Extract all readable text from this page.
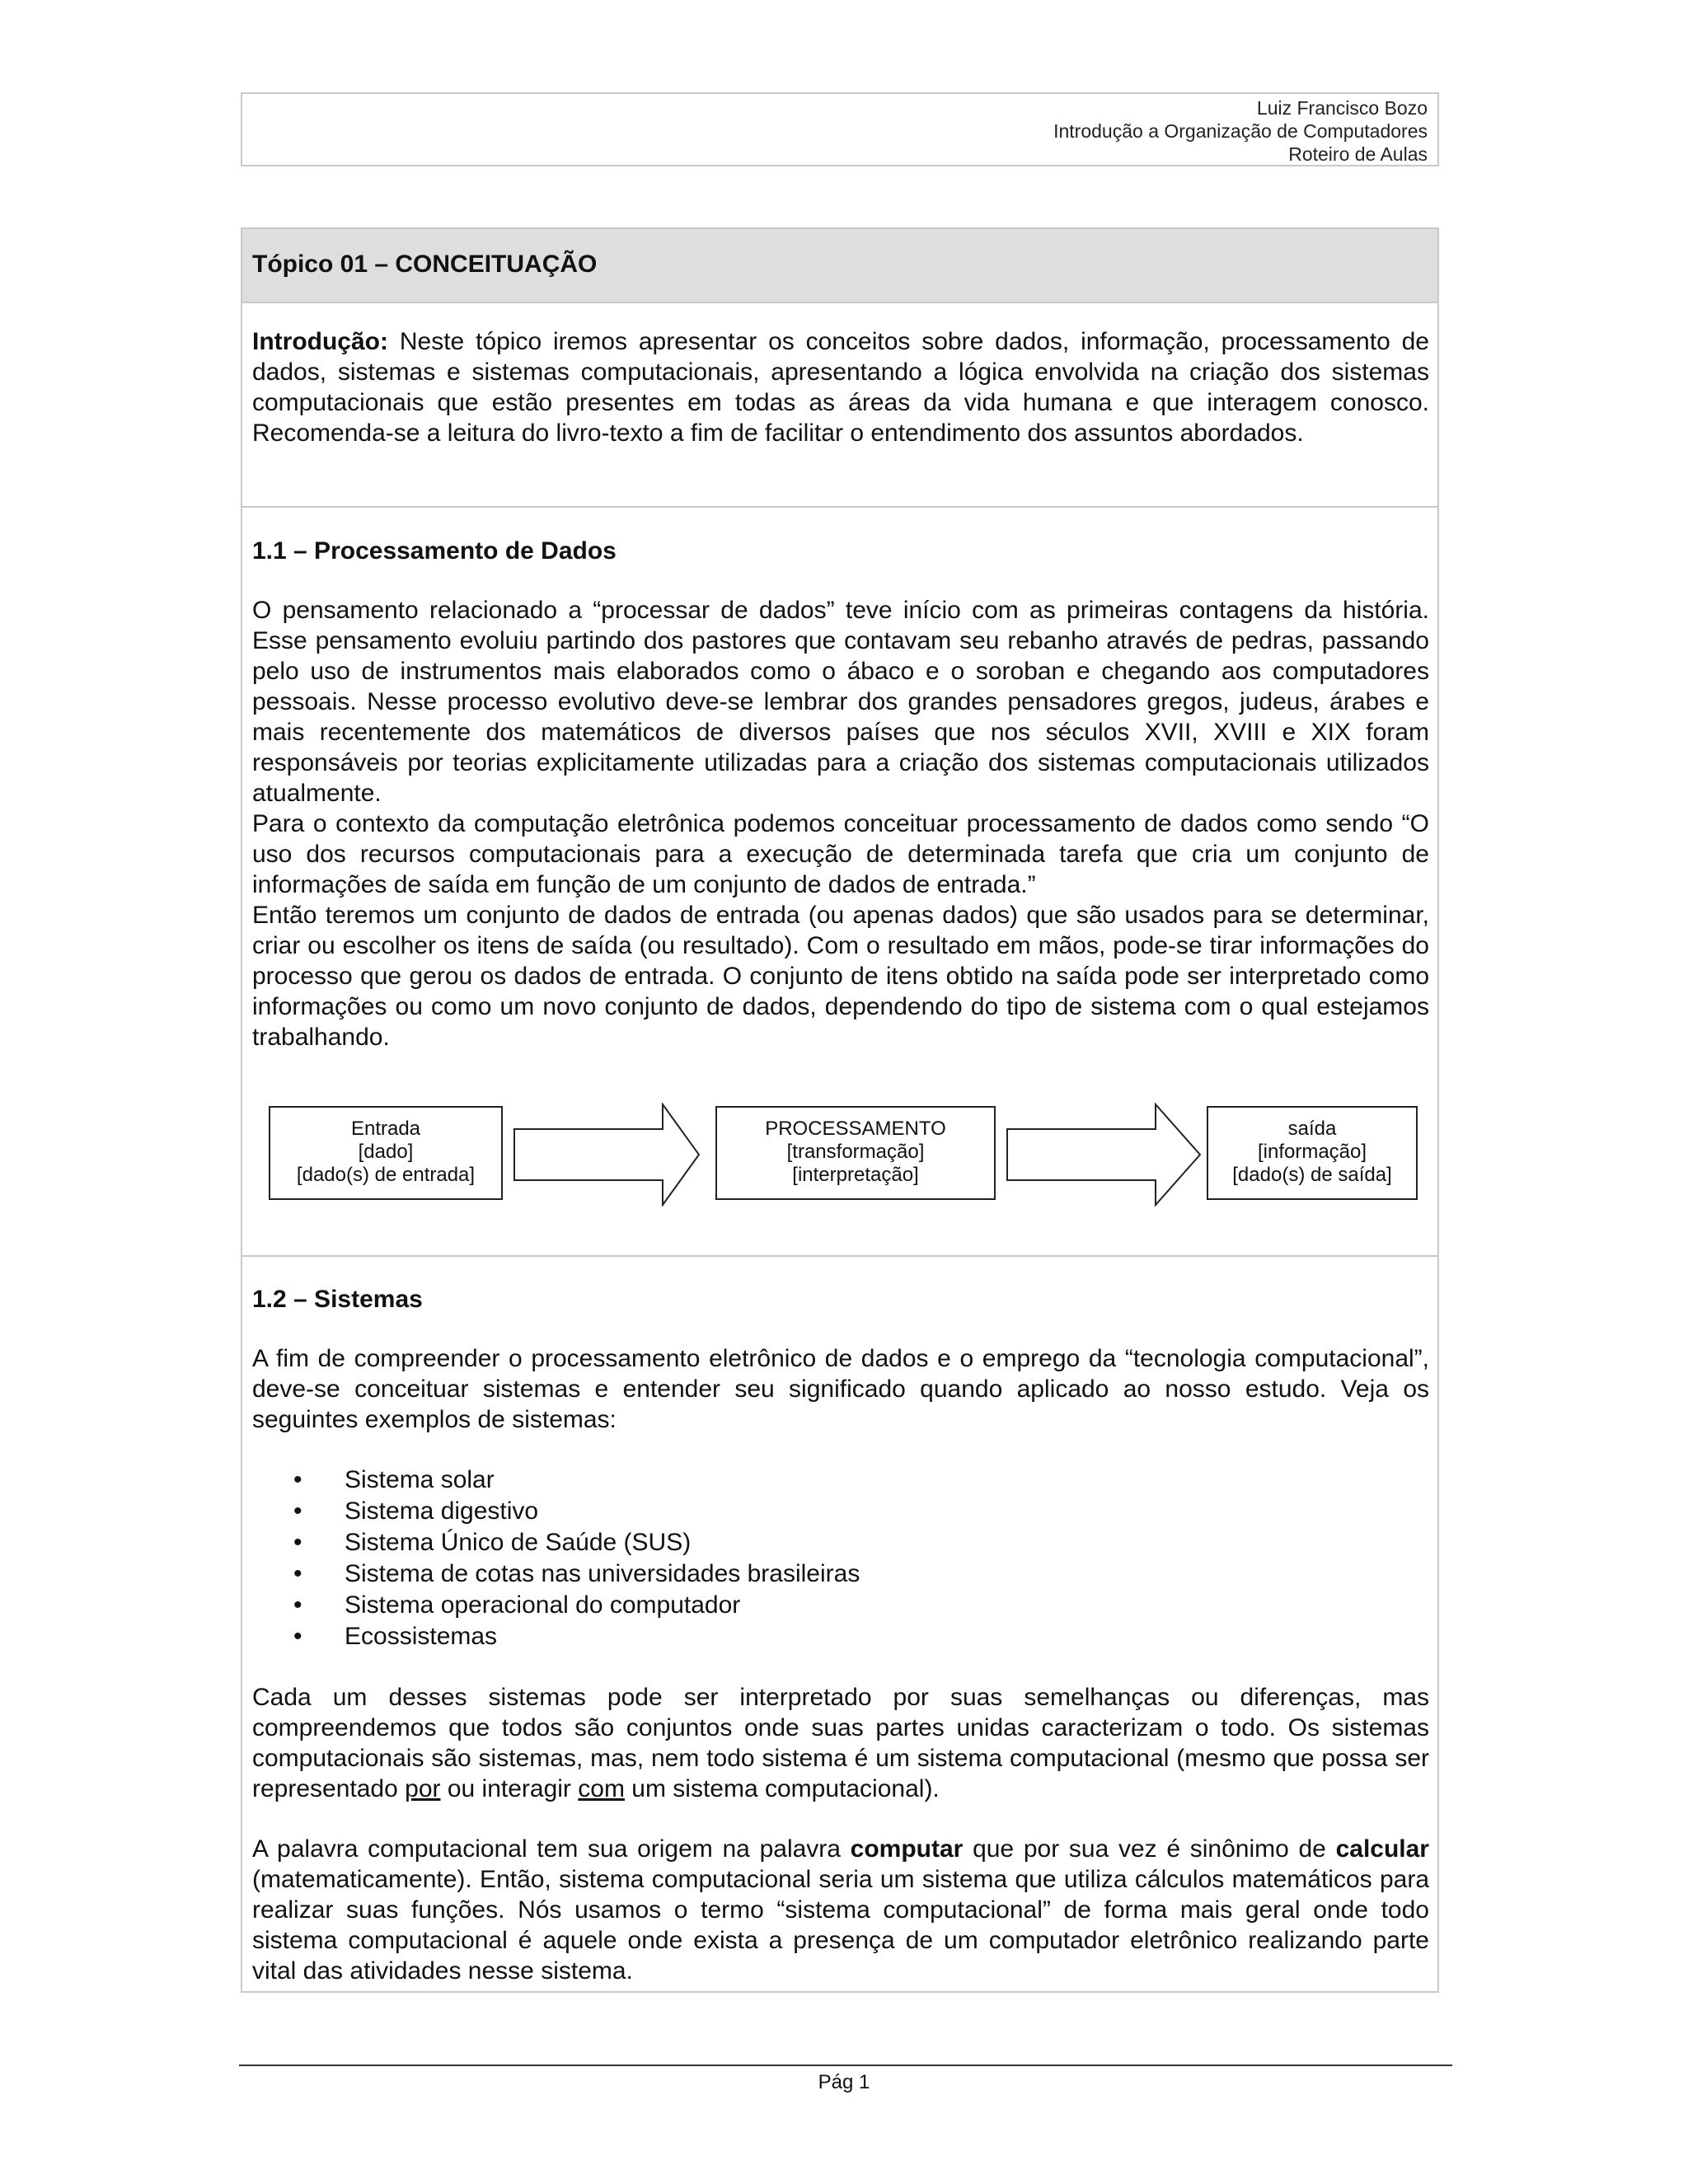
Luiz Francisco Bozo
Introdução a Organização de Computadores
Roteiro de Aulas
Tópico 01 – CONCEITUAÇÃO

Introdução: Neste tópico iremos apresentar os conceitos sobre dados, informação, processamento de dados, sistemas e sistemas computacionais, apresentando a lógica envolvida na criação dos sistemas computacionais que estão presentes em todas as áreas da vida humana e que interagem conosco. Recomenda-se a leitura do livro-texto a fim de facilitar o entendimento dos assuntos abordados.

1.1 – Processamento de Dados

O pensamento relacionado a “processar de dados” teve início com as primeiras contagens da história. Esse pensamento evoluiu partindo dos pastores que contavam seu rebanho através de pedras, passando pelo uso de instrumentos mais elaborados como o ábaco e o soroban e chegando aos computadores pessoais. Nesse processo evolutivo deve-se lembrar dos grandes pensadores gregos, judeus, árabes e mais recentemente dos matemáticos de diversos países que nos séculos XVII, XVIII e XIX foram responsáveis por teorias explicitamente utilizadas para a criação dos sistemas computacionais utilizados atualmente.

Para o contexto da computação eletrônica podemos conceituar processamento de dados como sendo “O uso dos recursos computacionais para a execução de determinada tarefa que cria um conjunto de informações de saída em função de um conjunto de dados de entrada.”

Então teremos um conjunto de dados de entrada (ou apenas dados) que são usados para se determinar, criar ou escolher os itens de saída (ou resultado). Com o resultado em mãos, pode-se tirar informações do processo que gerou os dados de entrada. O conjunto de itens obtido na saída pode ser interpretado como informações ou como um novo conjunto de dados, dependendo do tipo de sistema com o qual estejamos trabalhando.

Entrada
[dado]
[dado(s) de entrada]
PROCESSAMENTO
[transformação]
[interpretação]
saída
[informação]
[dado(s) de saída]

1.2 – Sistemas

A fim de compreender o processamento eletrônico de dados e o emprego da “tecnologia computacional”, deve-se conceituar sistemas e entender seu significado quando aplicado ao nosso estudo. Veja os seguintes exemplos de sistemas:

• Sistema solar
• Sistema digestivo
• Sistema Único de Saúde (SUS)
• Sistema de cotas nas universidades brasileiras
• Sistema operacional do computador
• Ecossistemas

Cada um desses sistemas pode ser interpretado por suas semelhanças ou diferenças, mas compreendemos que todos são conjuntos onde suas partes unidas caracterizam o todo. Os sistemas computacionais são sistemas, mas, nem todo sistema é um sistema computacional (mesmo que possa ser representado por ou interagir com um sistema computacional).

A palavra computacional tem sua origem na palavra computar que por sua vez é sinônimo de calcular (matematicamente). Então, sistema computacional seria um sistema que utiliza cálculos matemáticos para realizar suas funções. Nós usamos o termo “sistema computacional” de forma mais geral onde todo sistema computacional é aquele onde exista a presença de um computador eletrônico realizando parte vital das atividades nesse sistema.

Pág 1
